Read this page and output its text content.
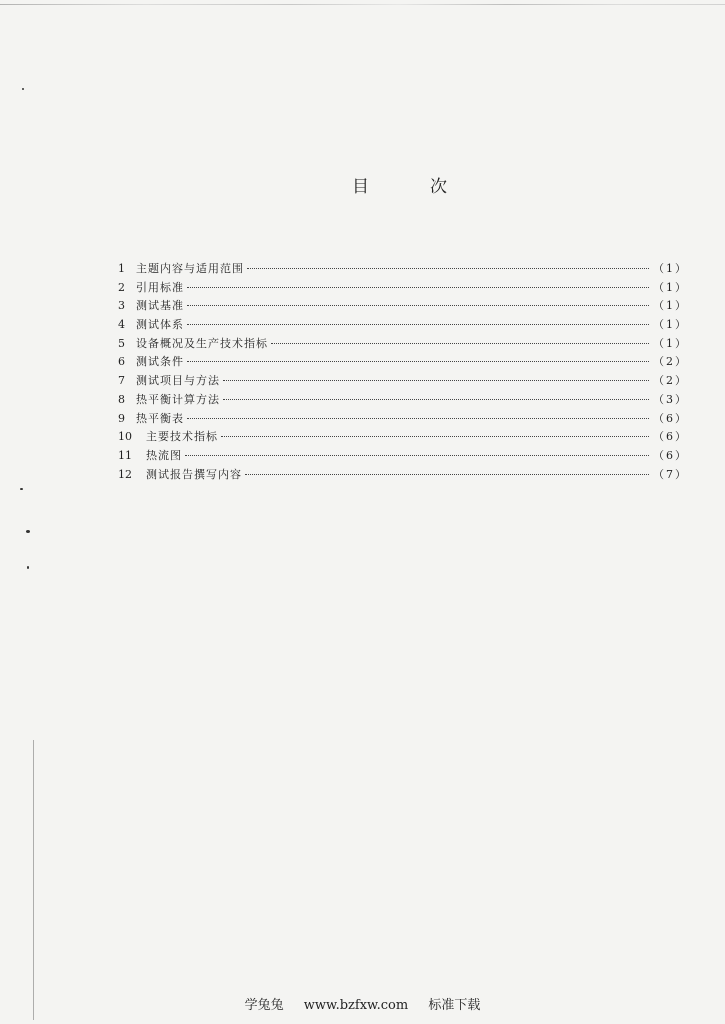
目	次
1	主题内容与适用范围	（1）
2	引用标准	（1）
3	测试基准	（1）
4	测试体系	（1）
5	设备概况及生产技术指标	（1）
6	测试条件	（2）
7	测试项目与方法	（2）
8	热平衡计算方法	（3）
9	热平衡表	（6）
10	主要技术指标	（6）
11	热流图	（6）
12	测试报告撰写内容	（7）
学兔兔 www.bzfxw.com 标准下载
